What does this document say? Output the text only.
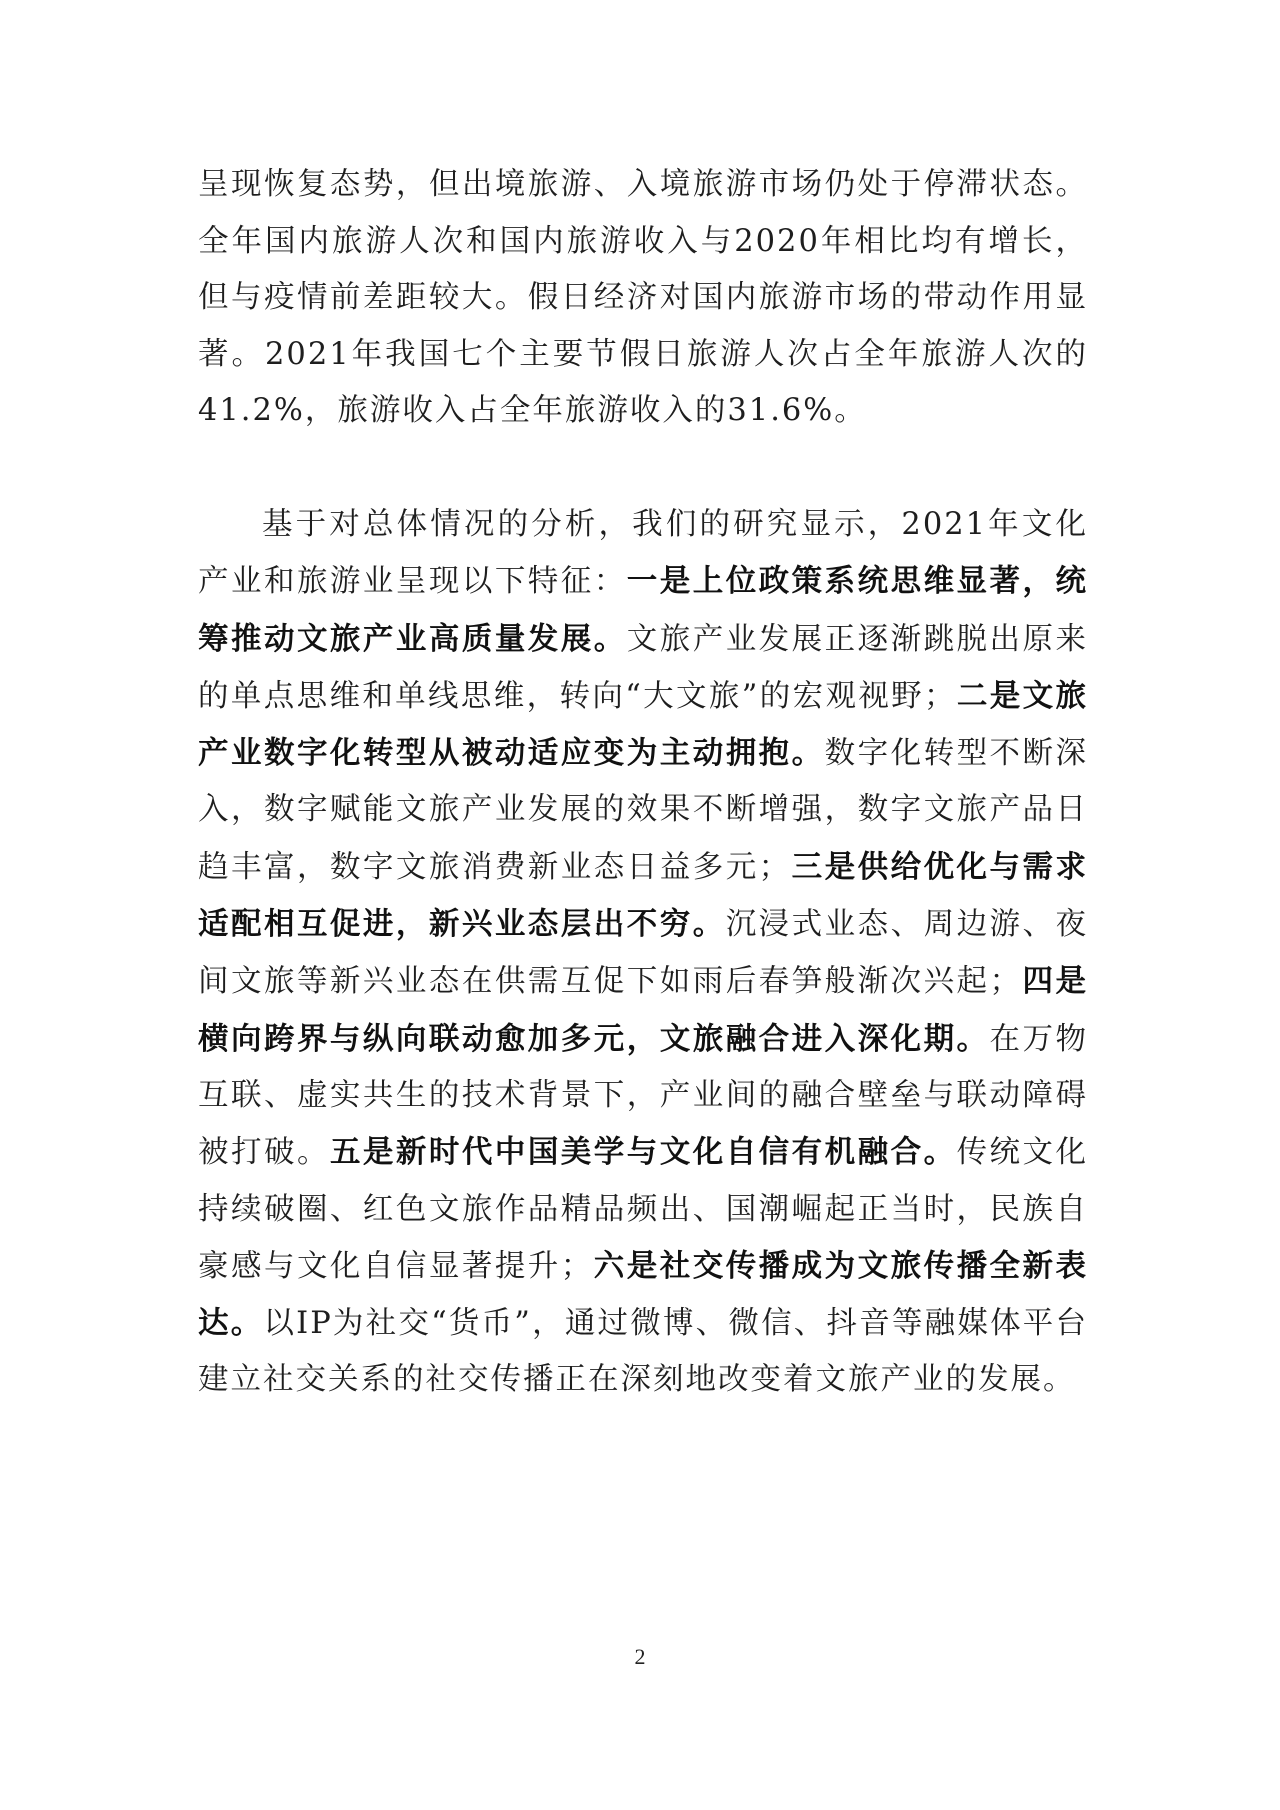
呈现恢复态势，但出境旅游、入境旅游市场仍处于停滞状态。全年国内旅游人次和国内旅游收入与2020年相比均有增长，但与疫情前差距较大。假日经济对国内旅游市场的带动作用显著。2021年我国七个主要节假日旅游人次占全年旅游人次的41.2%，旅游收入占全年旅游收入的31.6%。

基于对总体情况的分析，我们的研究显示，2021年文化产业和旅游业呈现以下特征：一是上位政策系统思维显著，统筹推动文旅产业高质量发展。文旅产业发展正逐渐跳脱出原来的单点思维和单线思维，转向“大文旅”的宏观视野；二是文旅产业数字化转型从被动适应变为主动拥抱。数字化转型不断深入，数字赋能文旅产业发展的效果不断增强，数字文旅产品日趋丰富，数字文旅消费新业态日益多元；三是供给优化与需求适配相互促进，新兴业态层出不穷。沉浸式业态、周边游、夜间文旅等新兴业态在供需互促下如雨后春笋般渐次兴起；四是横向跨界与纵向联动愈加多元，文旅融合进入深化期。在万物互联、虚实共生的技术背景下，产业间的融合壁垒与联动障碍被打破。五是新时代中国美学与文化自信有机融合。传统文化持续破圈、红色文旅作品精品频出、国潮崛起正当时，民族自豪感与文化自信显著提升；六是社交传播成为文旅传播全新表达。以IP为社交“货币”，通过微博、微信、抖音等融媒体平台建立社交关系的社交传播正在深刻地改变着文旅产业的发展。

2
